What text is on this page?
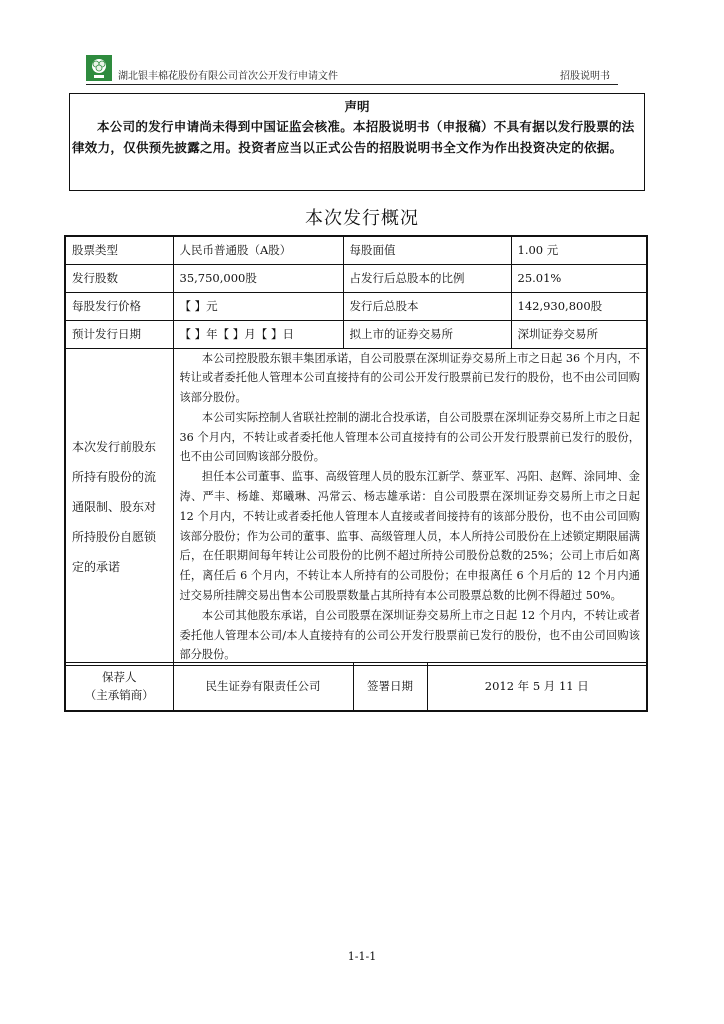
湖北银丰棉花股份有限公司首次公开发行申请文件	招股说明书
声明
本公司的发行申请尚未得到中国证监会核准。本招股说明书（申报稿）不具有据以发行股票的法律效力，仅供预先披露之用。投资者应当以正式公告的招股说明书全文作为作出投资决定的依据。
本次发行概况
股票类型	人民币普通股（A股）	每股面值	1.00 元
发行股数	35,750,000股	占发行后总股本的比例	25.01%
每股发行价格	【 】元	发行后总股本	142,930,800股
预计发行日期	【 】年【 】月【 】日	拟上市的证券交易所	深圳证券交易所
本次发行前股东所持有股份的流通限制、股东对所持股份自愿锁定的承诺	本公司控股股东银丰集团承诺，自公司股票在深圳证券交易所上市之日起 36 个月内，不转让或者委托他人管理本公司直接持有的公司公开发行股票前已发行的股份，也不由公司回购该部分股份。

本公司实际控制人省联社控制的湖北合投承诺，自公司股票在深圳证券交易所上市之日起 36 个月内，不转让或者委托他人管理本公司直接持有的公司公开发行股票前已发行的股份，也不由公司回购该部分股份。

担任本公司董事、监事、高级管理人员的股东江新学、蔡亚军、冯阳、赵辉、涂同坤、金涛、严丰、杨雄、郑曦琳、冯常云、杨志雄承诺：自公司股票在深圳证券交易所上市之日起 12 个月内，不转让或者委托他人管理本人直接或者间接持有的该部分股份，也不由公司回购该部分股份；作为公司的董事、监事、高级管理人员，本人所持公司股份在上述锁定期限届满后，在任职期间每年转让公司股份的比例不超过所持公司股份总数的25%；公司上市后如离任，离任后 6 个月内，不转让本人所持有的公司股份；在申报离任 6 个月后的 12 个月内通过交易所挂牌交易出售本公司股票数量占其所持有本公司股票总数的比例不得超过 50%。

本公司其他股东承诺，自公司股票在深圳证券交易所上市之日起 12 个月内，不转让或者委托他人管理本公司/本人直接持有的公司公开发行股票前已发行的股份，也不由公司回购该部分股份。		

保荐人
（主承销商）
	民生证券有限责任公司	签署日期	2012 年 5 月 11 日
1-1-1
